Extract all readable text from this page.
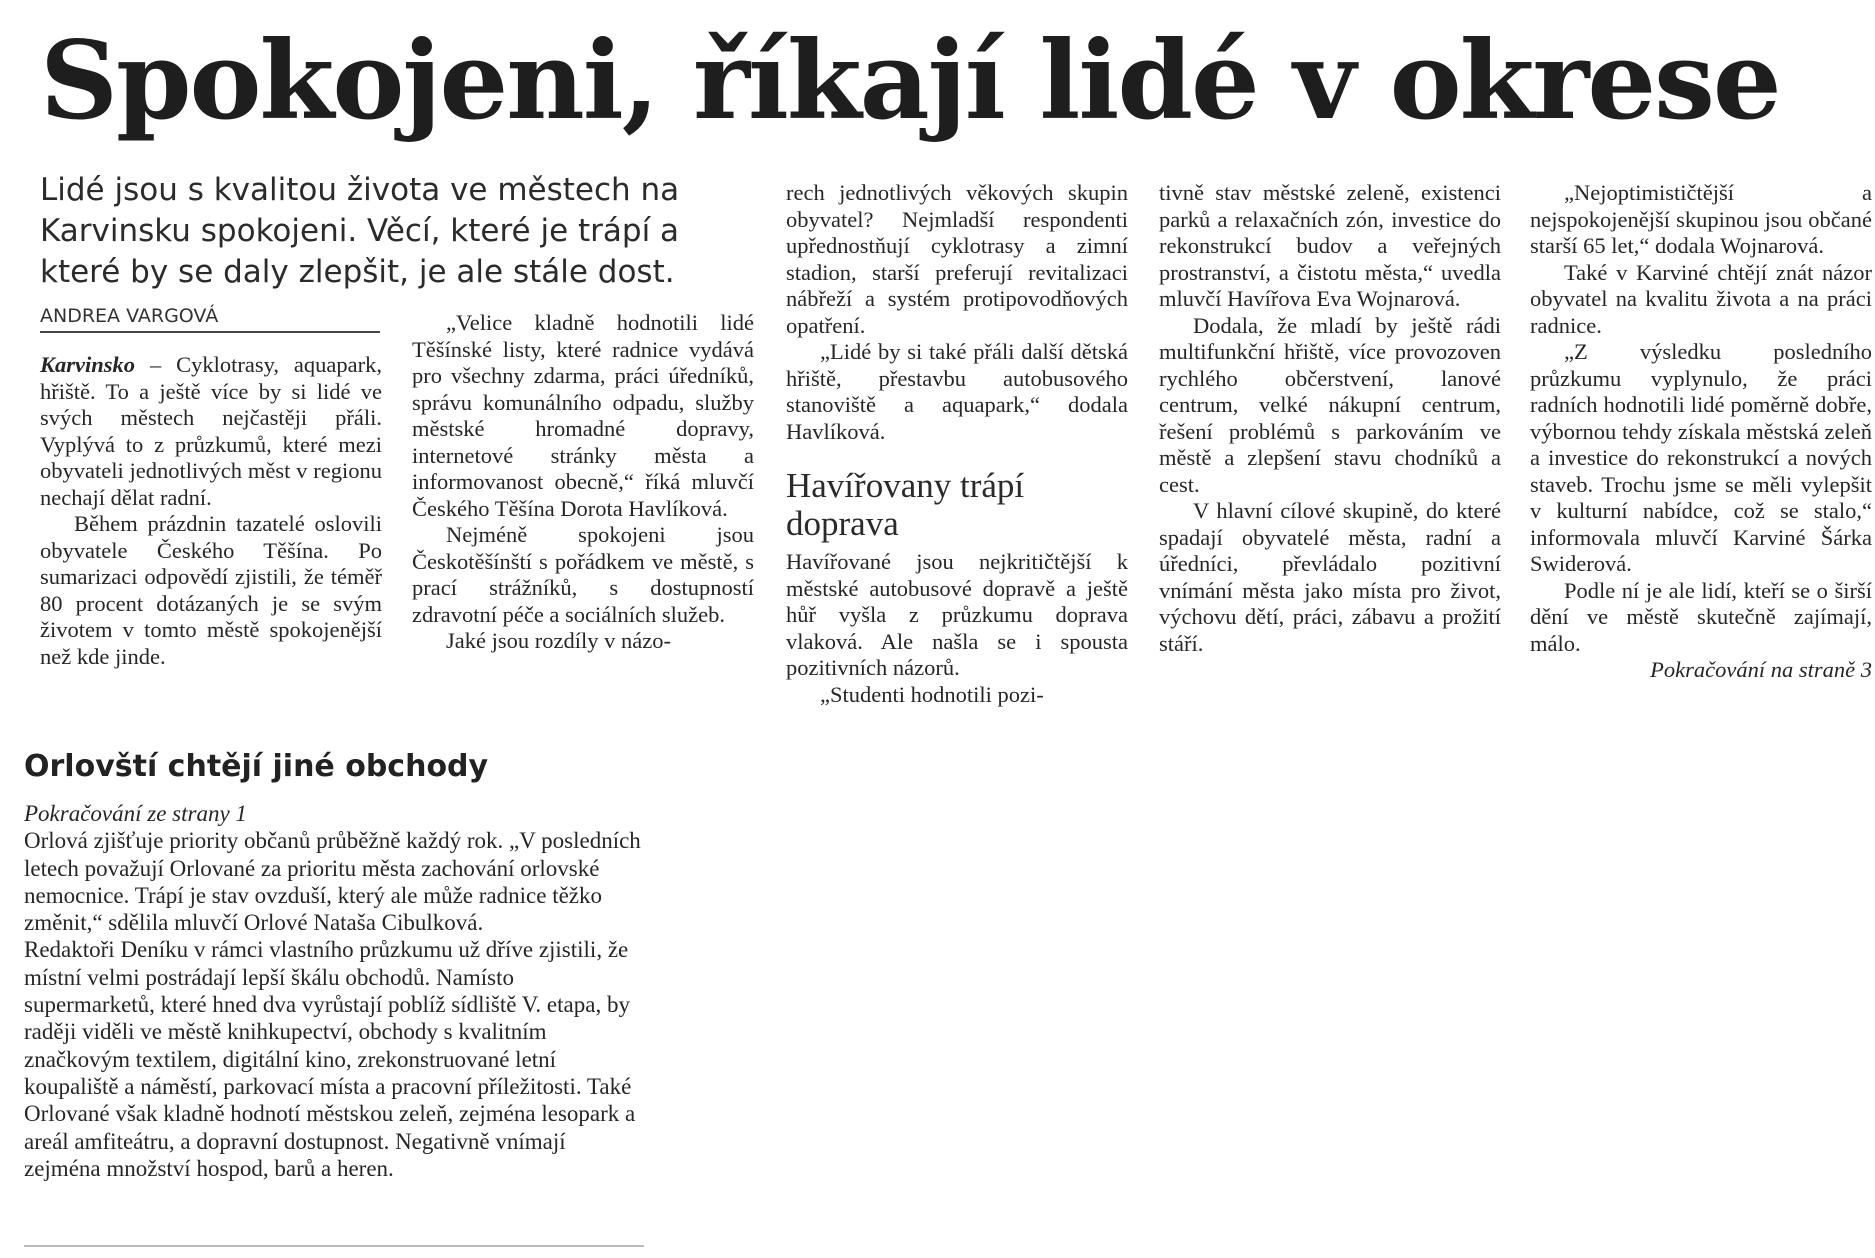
Spokojeni, říkají lidé v okrese
Lidé jsou s kvalitou života ve městech na Karvinsku spokojeni. Věcí, které je trápí a které by se daly zlepšit, je ale stále dost.
ANDREA VARGOVÁ

Karvinsko – Cyklotrasy, aquapark, hřiště. To a ještě více by si lidé ve svých městech nejčastěji přáli. Vyplývá to z průzkumů, které mezi obyvateli jednotlivých měst v regionu nechají dělat radní.

Během prázdnin tazatelé oslovili obyvatele Českého Těšína. Po sumarizaci odpovědí zjistili, že téměř 80 procent dotázaných je se svým životem v tomto městě spokojenější než kde jinde.

„Velice kladně hodnotili lidé Těšínské listy, které radnice vydává pro všechny zdarma, práci úředníků, správu komunálního odpadu, služby městské hromadné dopravy, internetové stránky města a informovanost obecně,“ říká mluvčí Českého Těšína Dorota Havlíková.

Nejméně spokojeni jsou Českotěšínští s pořádkem ve městě, s prací strážníků, s dostupností zdravotní péče a sociálních služeb.

Jaké jsou rozdíly v názo-

rech jednotlivých věkových skupin obyvatel? Nejmladší respondenti upřednostňují cyklotrasy a zimní stadion, starší preferují revitalizaci nábřeží a systém protipovodňových opatření.

„Lidé by si také přáli další dětská hřiště, přestavbu autobusového stanoviště a aquapark,“ dodala Havlíková.

Havířovany trápí doprava

Havířované jsou nejkritičtější k městské autobusové dopravě a ještě hůř vyšla z průzkumu doprava vlaková. Ale našla se i spousta pozitivních názorů.

„Studenti hodnotili pozi-

tivně stav městské zeleně, existenci parků a relaxačních zón, investice do rekonstrukcí budov a veřejných prostranství, a čistotu města,“ uvedla mluvčí Havířova Eva Wojnarová.

Dodala, že mladí by ještě rádi multifunkční hřiště, více provozoven rychlého občerstvení, lanové centrum, velké nákupní centrum, řešení problémů s parkováním ve městě a zlepšení stavu chodníků a cest.

V hlavní cílové skupině, do které spadají obyvatelé města, radní a úředníci, převládalo pozitivní vnímání města jako místa pro život, výchovu dětí, práci, zábavu a prožití stáří.

„Nejoptimističtější a nejspokojenější skupinou jsou občané starší 65 let,“ dodala Wojnarová.

Také v Karviné chtějí znát názor obyvatel na kvalitu života a na práci radnice.

„Z výsledku posledního průzkumu vyplynulo, že práci radních hodnotili lidé poměrně dobře, výbornou tehdy získala městská zeleň a investice do rekonstrukcí a nových staveb. Trochu jsme se měli vylepšit v kulturní nabídce, což se stalo,“ informovala mluvčí Karviné Šárka Swiderová.

Podle ní je ale lidí, kteří se o širší dění ve městě skutečně zajímají, málo.

Pokračování na straně 3

Orlovští chtějí jiné obchody

Pokračování ze strany 1

Orlová zjišťuje priority občanů průběžně každý rok. „V posledních letech považují Orlované za prioritu města zachování orlovské nemocnice. Trápí je stav ovzduší, který ale může radnice těžko změnit,“ sdělila mluvčí Orlové Nataša Cibulková.

Redaktoři Deníku v rámci vlastního průzkumu už dříve zjistili, že místní velmi postrádají lepší škálu obchodů. Namísto supermarketů, které hned dva vyrůstají poblíž sídliště V. etapa, by raději viděli ve městě knihkupectví, obchody s kvalitním značkovým textilem, digitální kino, zrekonstruované letní koupaliště a náměstí, parkovací místa a pracovní příležitosti. Také Orlované však kladně hodnotí městskou zeleň, zejména lesopark a areál amfiteátru, a dopravní dostupnost. Negativně vnímají zejména množství hospod, barů a heren.
